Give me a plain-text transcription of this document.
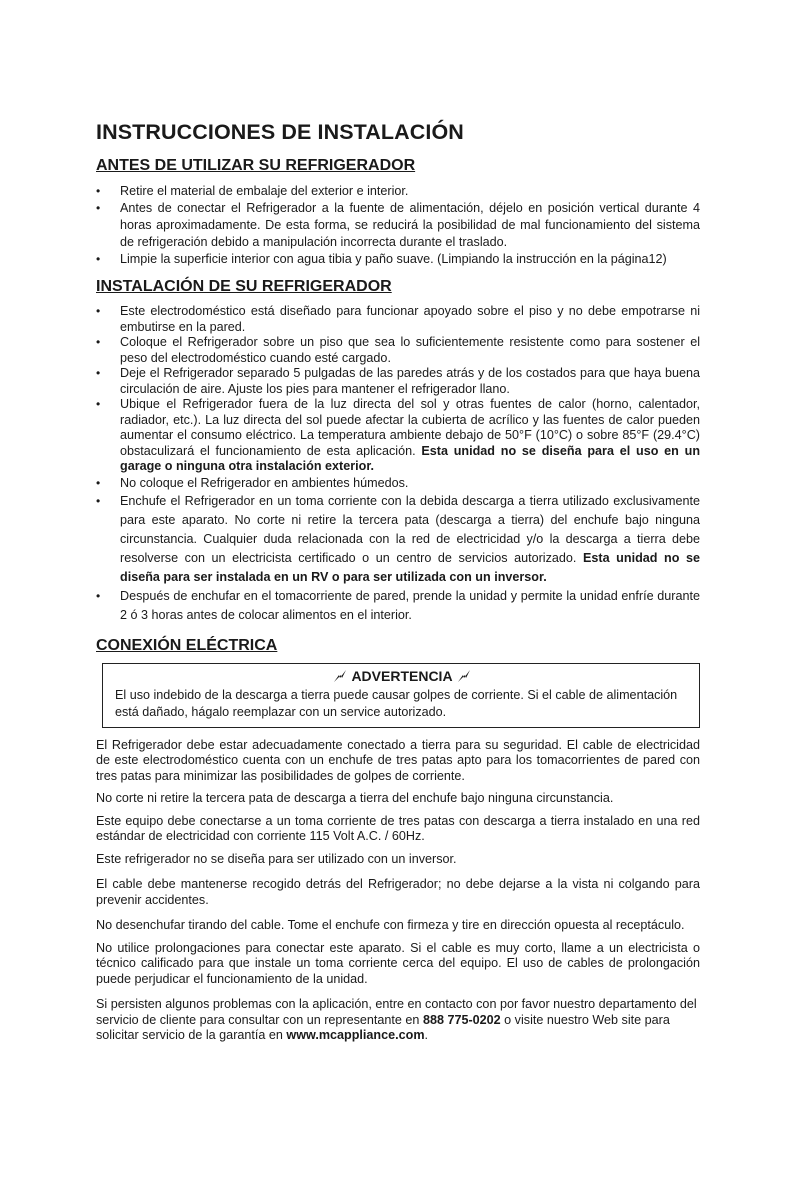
INSTRUCCIONES DE INSTALACIÓN
ANTES DE UTILIZAR SU REFRIGERADOR
• Retire el material de embalaje del exterior e interior.
• Antes de conectar el Refrigerador a la fuente de alimentación, déjelo en posición vertical durante 4 horas aproximadamente. De esta forma, se reducirá la posibilidad de mal funcionamiento del sistema de refrigeración debido a manipulación incorrecta durante el traslado.
• Limpie la superficie interior con agua tibia y paño suave. (Limpiando la instrucción en la página12)
INSTALACIÓN DE SU REFRIGERADOR
• Este electrodoméstico está diseñado para funcionar apoyado sobre el piso y no debe empotrarse ni embutirse en la pared.
• Coloque el Refrigerador sobre un piso que sea lo suficientemente resistente como para sostener el peso del electrodoméstico cuando esté cargado.
• Deje el Refrigerador separado 5 pulgadas de las paredes atrás y de los costados para que haya buena circulación de aire. Ajuste los pies para mantener el refrigerador llano.
• Ubique el Refrigerador fuera de la luz directa del sol y otras fuentes de calor (horno, calentador, radiador, etc.). La luz directa del sol puede afectar la cubierta de acrílico y las fuentes de calor pueden aumentar el consumo eléctrico. La temperatura ambiente debajo de 50°F (10°C) o sobre 85°F (29.4°C) obstaculizará el funcionamiento de esta aplicación. Esta unidad no se diseña para el uso en un garage o ninguna otra instalación exterior.
• No coloque el Refrigerador en ambientes húmedos.
• Enchufe el Refrigerador en un toma corriente con la debida descarga a tierra utilizado exclusivamente para este aparato. No corte ni retire la tercera pata (descarga a tierra) del enchufe bajo ninguna circunstancia. Cualquier duda relacionada con la red de electricidad y/o la descarga a tierra debe resolverse con un electricista certificado o un centro de servicios autorizado. Esta unidad no se diseña para ser instalada en un RV o para ser utilizada con un inversor.
• Después de enchufar en el tomacorriente de pared, prende la unidad y permite la unidad enfríe durante 2 ó 3 horas antes de colocar alimentos en el interior.
CONEXIÓN ELÉCTRICA
ADVERTENCIA
El uso indebido de la descarga a tierra puede causar golpes de corriente. Si el cable de alimentación está dañado, hágalo reemplazar con un service autorizado.

El Refrigerador debe estar adecuadamente conectado a tierra para su seguridad. El cable de electricidad de este electrodoméstico cuenta con un enchufe de tres patas apto para los tomacorrientes de pared con tres patas para minimizar las posibilidades de golpes de corriente.

No corte ni retire la tercera pata de descarga a tierra del enchufe bajo ninguna circunstancia.

Este equipo debe conectarse a un toma corriente de tres patas con descarga a tierra instalado en una red estándar de electricidad con corriente 115 Volt A.C. / 60Hz.

Este refrigerador no se diseña para ser utilizado con un inversor.

El cable debe mantenerse recogido detrás del Refrigerador; no debe dejarse a la vista ni colgando para prevenir accidentes.

No desenchufar tirando del cable. Tome el enchufe con firmeza y tire en dirección opuesta al receptáculo.

No utilice prolongaciones para conectar este aparato. Si el cable es muy corto, llame a un electricista o técnico calificado para que instale un toma corriente cerca del equipo. El uso de cables de prolongación puede perjudicar el funcionamiento de la unidad.

Si persisten algunos problemas con la aplicación, entre en contacto con por favor nuestro departamento del servicio de cliente para consultar con un representante en 888 775-0202 o visite nuestro Web site para solicitar servicio de la garantía en www.mcappliance.com.
